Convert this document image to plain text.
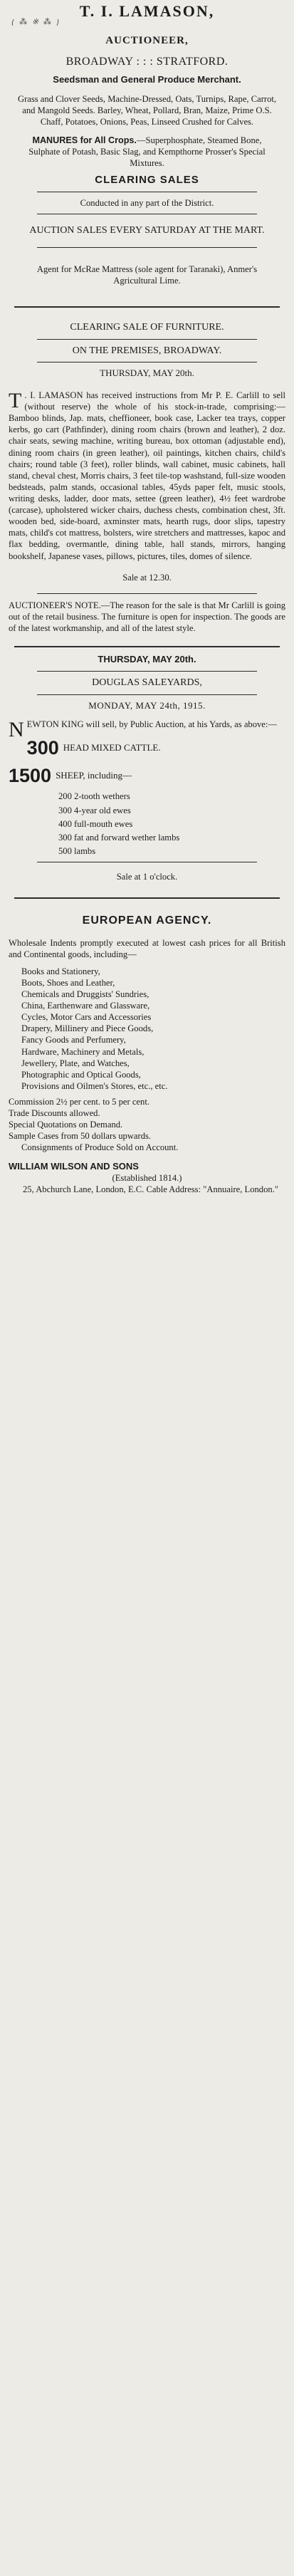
T. I. LAMASON,
{ ⁂ ※ ⁂ }
AUCTIONEER,
BROADWAY : : : STRATFORD.
Seedsman and General Produce Merchant.

Grass and Clover Seeds, Machine-Dressed, Oats, Turnips, Rape, Carrot, and Mangold Seeds. Barley, Wheat, Pollard, Bran, Maize, Prime O.S. Chaff, Potatoes, Onions, Peas, Linseed Crushed for Calves.

MANURES for All Crops.—Superphosphate, Steamed Bone, Sulphate of Potash, Basic Slag, and Kempthorne Prosser's Special Mixtures.

CLEARING SALES
Conducted in any part of the District.

AUCTION SALES EVERY SATURDAY AT THE MART.

Agent for McRae Mattress (sole agent for Taranaki), Anmer's Agricultural Lime.

CLEARING SALE OF FURNITURE.
ON THE PREMISES, BROADWAY.
THURSDAY, MAY 20th.

T . I. LAMASON has received instructions from Mr P. E. Carlill to sell (without reserve) the whole of his stock-in-trade, comprising:— Bamboo blinds, Jap. mats, cheffioneer, book case, Lacker tea trays, copper kerbs, go cart (Pathfinder), dining room chairs (brown and leather), 2 doz. chair seats, sewing machine, writing bureau, box ottoman (adjustable end), dining room chairs (in green leather), oil paintings, kitchen chairs, child's chairs; round table (3 feet), roller blinds, wall cabinet, music cabinets, hall stand, cheval chest, Morris chairs, 3 feet tile-top washstand, full-size wooden bedsteads, palm stands, occasional tables, 45yds paper felt, music stools, writing desks, ladder, door mats, settee (green leather), 4½ feet wardrobe (carcase), upholstered wicker chairs, duchess chests, combination chest, 3ft. wooden bed, side-board, axminster mats, hearth rugs, door slips, tapestry mats, child's cot mattress, bolsters, wire stretchers and mattresses, kapoc and flax bedding, overmantle, dining table, hall stands, mirrors, hanging bookshelf, Japanese vases, pillows, pictures, tiles, domes of silence.

Sale at 12.30.

AUCTIONEER'S NOTE.—The reason for the sale is that Mr Carlill is going out of the retail business. The furniture is open for inspection. The goods are of the latest workmanship, and all of the latest style.

THURSDAY, MAY 20th.
DOUGLAS SALEYARDS,
MONDAY, MAY 24th, 1915.

NEWTON KING will sell, by Public Auction, at his Yards, as above:—

300 HEAD MIXED CATTLE.
1500 SHEEP, including—
200 2-tooth wethers
300 4-year old ewes
400 full-mouth ewes
300 fat and forward wether lambs
500 lambs
Sale at 1 o'clock.
EUROPEAN AGENCY.

Wholesale Indents promptly executed at lowest cash prices for all British and Continental goods, including—

Books and Stationery,
Boots, Shoes and Leather,
Chemicals and Druggists' Sundries,
China, Earthenware and Glassware,
Cycles, Motor Cars and Accessories
Drapery, Millinery and Piece Goods,
Fancy Goods and Perfumery,
Hardware, Machinery and Metals,
Jewellery, Plate, and Watches,
Photographic and Optical Goods,
Provisions and Oilmen's Stores, etc., etc.
Commission 2½ per cent. to 5 per cent.
Trade Discounts allowed.
Special Quotations on Demand.
Sample Cases from 50 dollars upwards.
Consignments of Produce Sold on Account.
WILLIAM WILSON AND SONS
(Established 1814.)
25, Abchurch Lane, London, E.C. Cable Address: "Annuaire, London."
